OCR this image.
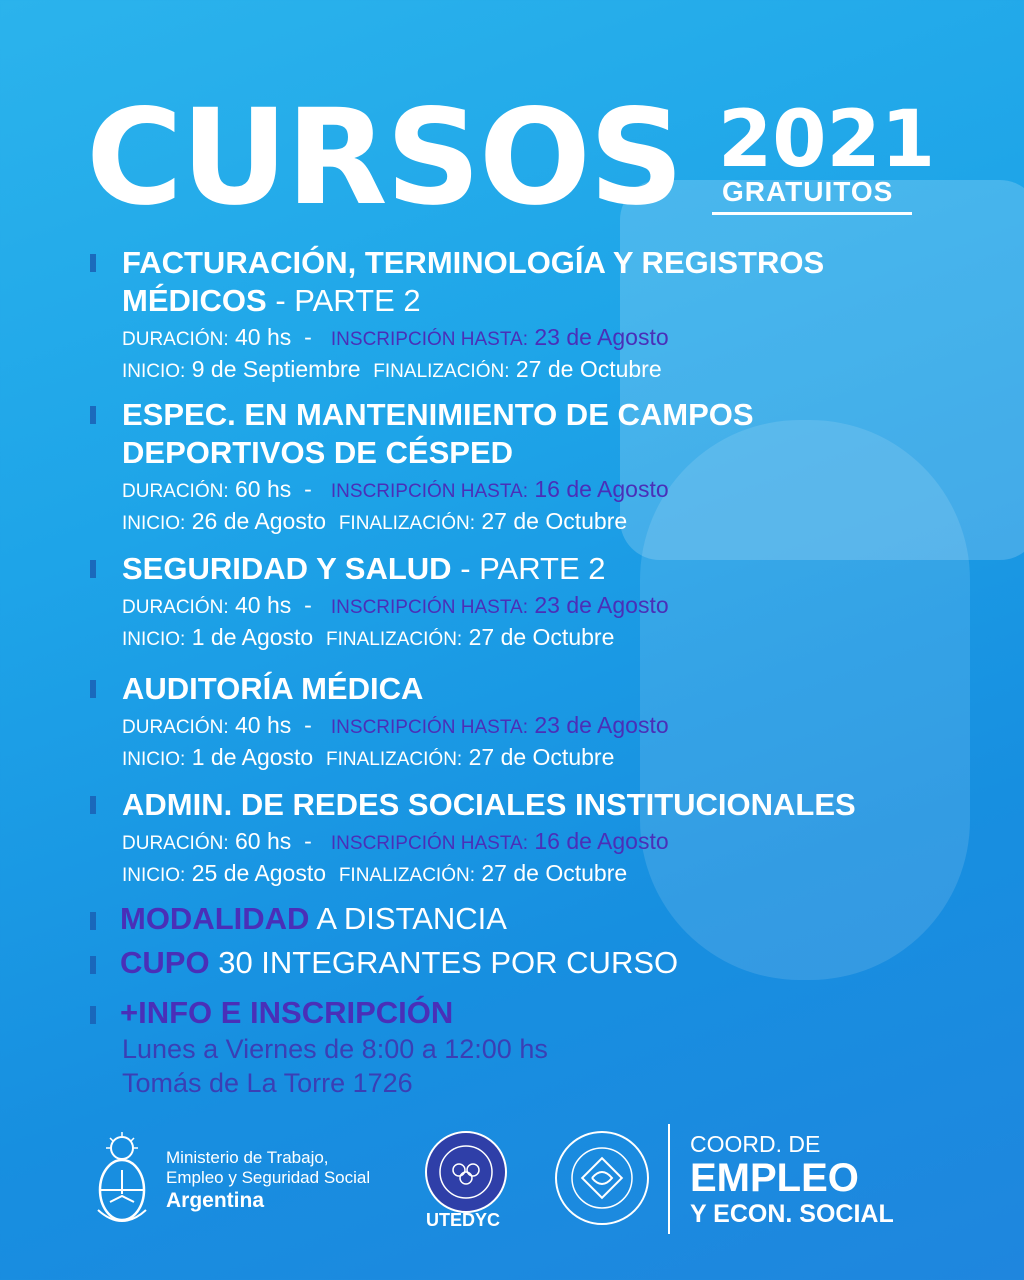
CURSOS 2021
GRATUITOS
FACTURACIÓN, TERMINOLOGÍA Y REGISTROS MÉDICOS - PARTE 2
DURACIÓN: 40 hs - INSCRIPCIÓN HASTA: 23 de Agosto
INICIO: 9 de Septiembre FINALIZACIÓN: 27 de Octubre
ESPEC. EN MANTENIMIENTO DE CAMPOS DEPORTIVOS DE CÉSPED
DURACIÓN: 60 hs - INSCRIPCIÓN HASTA: 16 de Agosto
INICIO: 26 de Agosto FINALIZACIÓN: 27 de Octubre
SEGURIDAD Y SALUD - PARTE 2
DURACIÓN: 40 hs - INSCRIPCIÓN HASTA: 23 de Agosto
INICIO: 1 de Agosto FINALIZACIÓN: 27 de Octubre
AUDITORÍA MÉDICA
DURACIÓN: 40 hs - INSCRIPCIÓN HASTA: 23 de Agosto
INICIO: 1 de Agosto FINALIZACIÓN: 27 de Octubre
ADMIN. DE REDES SOCIALES INSTITUCIONALES
DURACIÓN: 60 hs - INSCRIPCIÓN HASTA: 16 de Agosto
INICIO: 25 de Agosto FINALIZACIÓN: 27 de Octubre
MODALIDAD A DISTANCIA
CUPO 30 INTEGRANTES POR CURSO
+INFO E INSCRIPCIÓN
Lunes a Viernes de 8:00 a 12:00 hs
Tomás de La Torre 1726
Ministerio de Trabajo,
Empleo y Seguridad Social
Argentina
UTEDYC
COORD. DE
EMPLEO
Y ECON. SOCIAL
